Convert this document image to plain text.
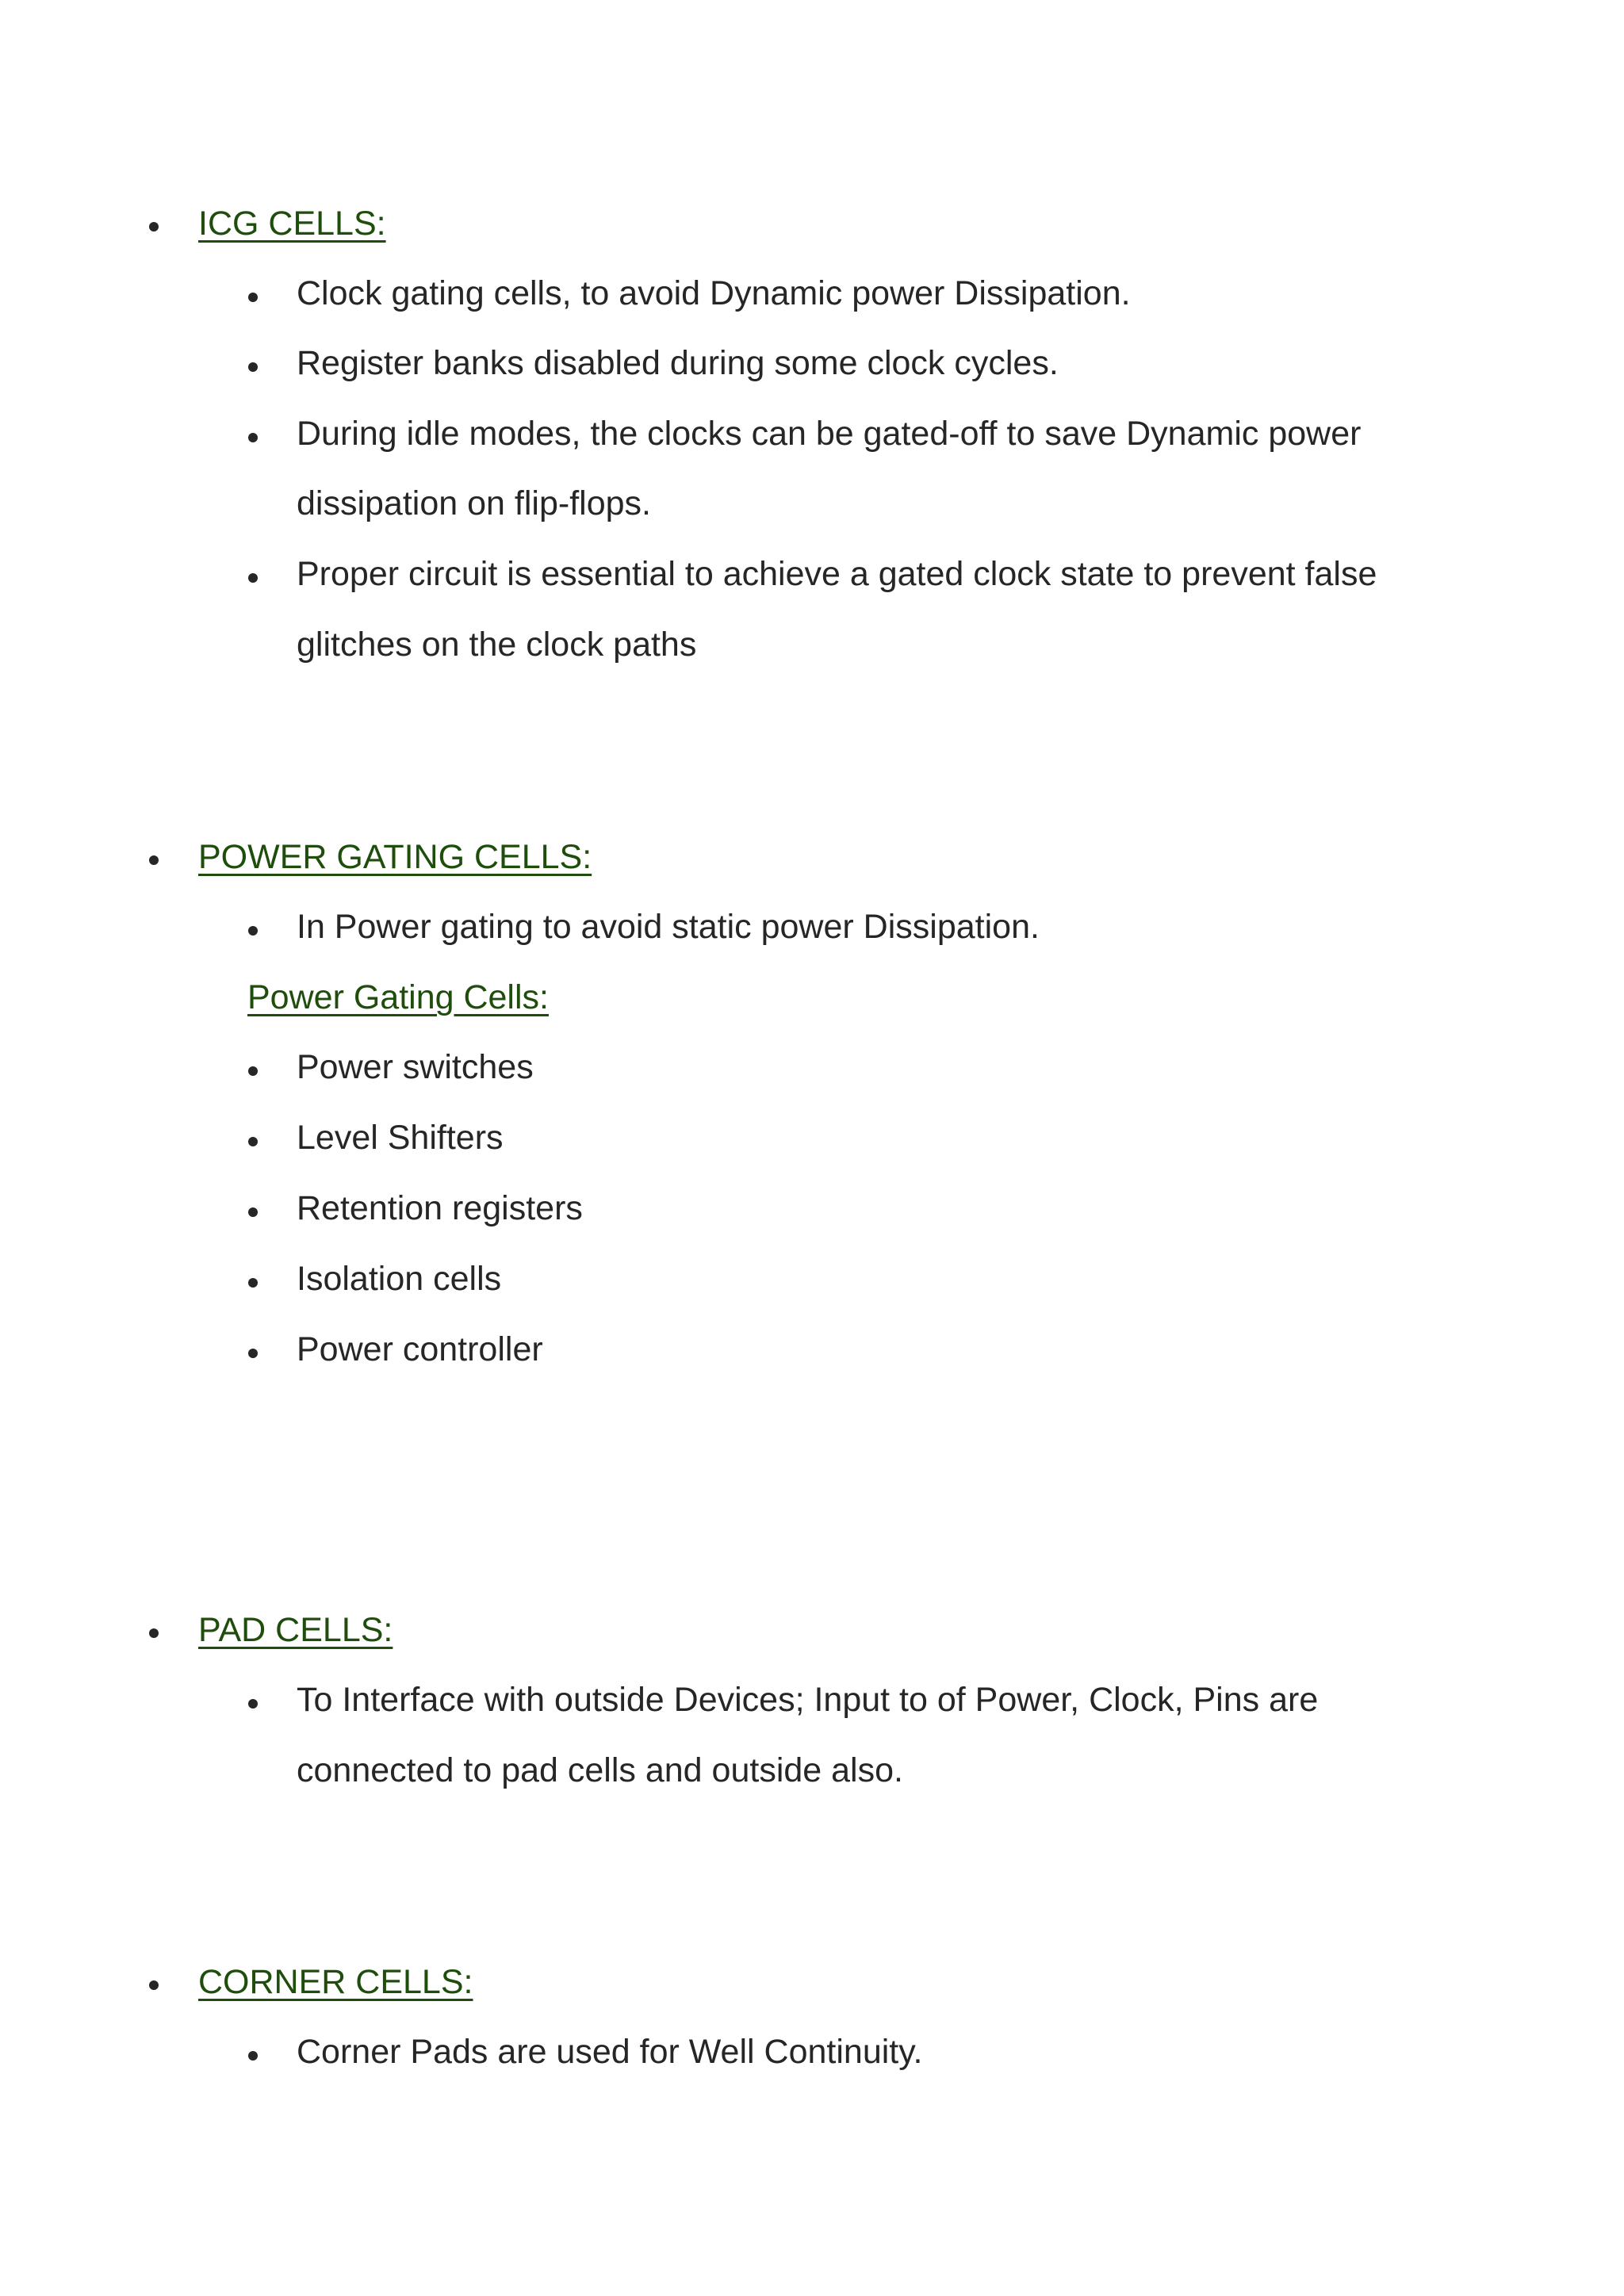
ICG CELLS:
Clock gating cells, to avoid Dynamic power Dissipation.
Register banks disabled during some clock cycles.
During idle modes, the clocks can be gated-off to save Dynamic power
dissipation on flip-flops.
Proper circuit is essential to achieve a gated clock state to prevent false
glitches on the clock paths
POWER GATING CELLS:
In Power gating to avoid static power Dissipation.
Power Gating Cells:
Power switches
Level Shifters
Retention registers
Isolation cells
Power controller
PAD CELLS:
To Interface with outside Devices; Input to of Power, Clock, Pins are
connected to pad cells and outside also.
CORNER CELLS:
Corner Pads are used for Well Continuity.
